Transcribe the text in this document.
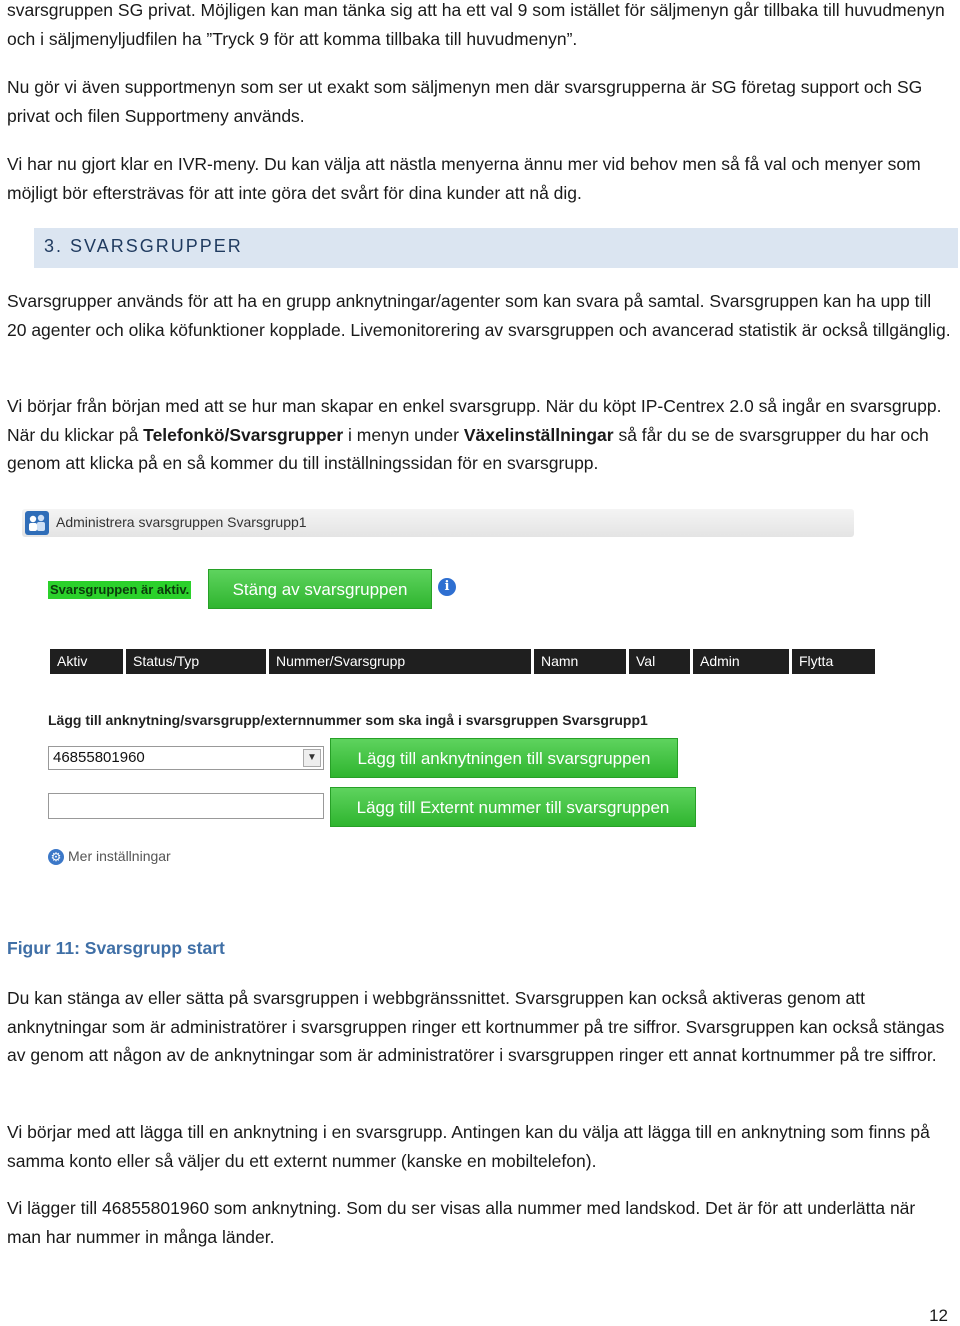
svarsgruppen SG privat. Möjligen kan man tänka sig att ha ett val 9 som istället för säljmenyn går tillbaka till huvudmenyn och i säljmenyljudfilen ha ”Tryck 9 för att komma tillbaka till huvudmenyn”.

Nu gör vi även supportmenyn som ser ut exakt som säljmenyn men där svarsgrupperna är SG företag support och SG privat och filen Supportmeny används.

Vi har nu gjort klar en IVR-meny. Du kan välja att nästla menyerna ännu mer vid behov men så få val och menyer som möjligt bör eftersträvas för att inte göra det svårt för dina kunder att nå dig.

3. SVARSGRUPPER

Svarsgrupper används för att ha en grupp anknytningar/agenter som kan svara på samtal. Svarsgruppen kan ha upp till 20 agenter och olika köfunktioner kopplade. Livemonitorering av svarsgruppen och avancerad statistik är också tillgänglig.

Vi börjar från början med att se hur man skapar en enkel svarsgrupp. När du köpt IP-Centrex 2.0 så ingår en svarsgrupp. När du klickar på Telefonkö/Svarsgrupper i menyn under Växelinställningar så får du se de svarsgrupper du har och genom att klicka på en så kommer du till inställningssidan för en svarsgrupp.

Administrera svarsgruppen Svarsgrupp1
Svarsgruppen är aktiv.	Stäng av svarsgruppen	i
Aktiv	Status/Typ	Nummer/Svarsgrupp	Namn	Val	Admin	Flytta
Lägg till anknytning/svarsgrupp/externnummer som ska ingå i svarsgruppen Svarsgrupp1
46855801960	▼	Lägg till anknytningen till svarsgruppen
Lägg till Externt nummer till svarsgruppen
⚙ Mer inställningar
Figur 11: Svarsgrupp start

Du kan stänga av eller sätta på svarsgruppen i webbgränssnittet. Svarsgruppen kan också aktiveras genom att anknytningar som är administratörer i svarsgruppen ringer ett kortnummer på tre siffror. Svarsgruppen kan också stängas av genom att någon av de anknytningar som är administratörer i svarsgruppen ringer ett annat kortnummer på tre siffror.

Vi börjar med att lägga till en anknytning i en svarsgrupp. Antingen kan du välja att lägga till en anknytning som finns på samma konto eller så väljer du ett externt nummer (kanske en mobiltelefon).

Vi lägger till 46855801960 som anknytning. Som du ser visas alla nummer med landskod. Det är för att underlätta när man har nummer in många länder.

12
